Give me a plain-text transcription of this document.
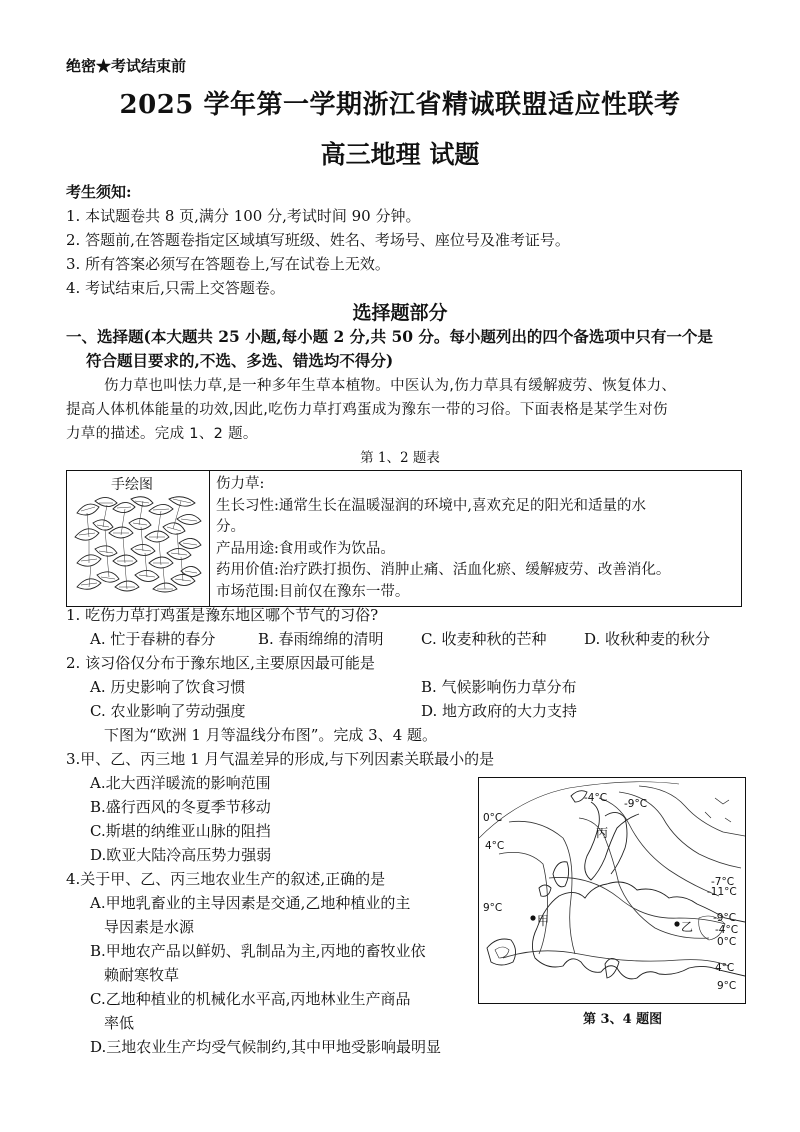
绝密★考试结束前
2025 学年第一学期浙江省精诚联盟适应性联考
高三地理 试题
考生须知:
1. 本试题卷共 8 页,满分 100 分,考试时间 90 分钟。
2. 答题前,在答题卷指定区域填写班级、姓名、考场号、座位号及准考证号。
3. 所有答案必须写在答题卷上,写在试卷上无效。
4. 考试结束后,只需上交答题卷。
选择题部分
一、选择题(本大题共 25 小题,每小题 2 分,共 50 分。每小题列出的四个备选项中只有一个是
符合题目要求的,不选、多选、错选均不得分)
伤力草也叫怯力草,是一种多年生草本植物。中医认为,伤力草具有缓解疲劳、恢复体力、
提高人体机体能量的功效,因此,吃伤力草打鸡蛋成为豫东一带的习俗。下面表格是某学生对伤
力草的描述。完成 1、2 题。
第 1、2 题表
手绘图	伤力草:
生长习性:通常生长在温暖湿润的环境中,喜欢充足的阳光和适量的水
分。
产品用途:食用或作为饮品。
药用价值:治疗跌打损伤、消肿止痛、活血化瘀、缓解疲劳、改善消化。
市场范围:目前仅在豫东一带。
1. 吃伤力草打鸡蛋是豫东地区哪个节气的习俗?
A. 忙于春耕的春分	B. 春雨绵绵的清明 C. 收麦种秋的芒种	D. 收秋种麦的秋分
2. 该习俗仅分布于豫东地区,主要原因最可能是
A. 历史影响了饮食习惯	B. 气候影响伤力草分布
C. 农业影响了劳动强度	D. 地方政府的大力支持
下图为“欧洲 1 月等温线分布图”。完成 3、4 题。
3.甲、乙、丙三地 1 月气温差异的形成,与下列因素关联最小的是
A.北大西洋暖流的影响范围
B.盛行西风的冬夏季节移动
C.斯堪的纳维亚山脉的阻挡
D.欧亚大陆冷高压势力强弱
4.关于甲、乙、丙三地农业生产的叙述,正确的是
A.甲地乳畜业的主导因素是交通,乙地种植业的主
导因素是水源
B.甲地农产品以鲜奶、乳制品为主,丙地的畜牧业依
赖耐寒牧草
C.乙地种植业的机械化水平高,丙地林业生产商品
率低
D.三地农业生产均受气候制约,其中甲地受影响最明显
-4°C -9°C
0°C
4°C
丙
-7°C
-11°C
9°C
甲	乙
-9°C
-4°C
0°C
4°C
9°C
第 3、4 题图
